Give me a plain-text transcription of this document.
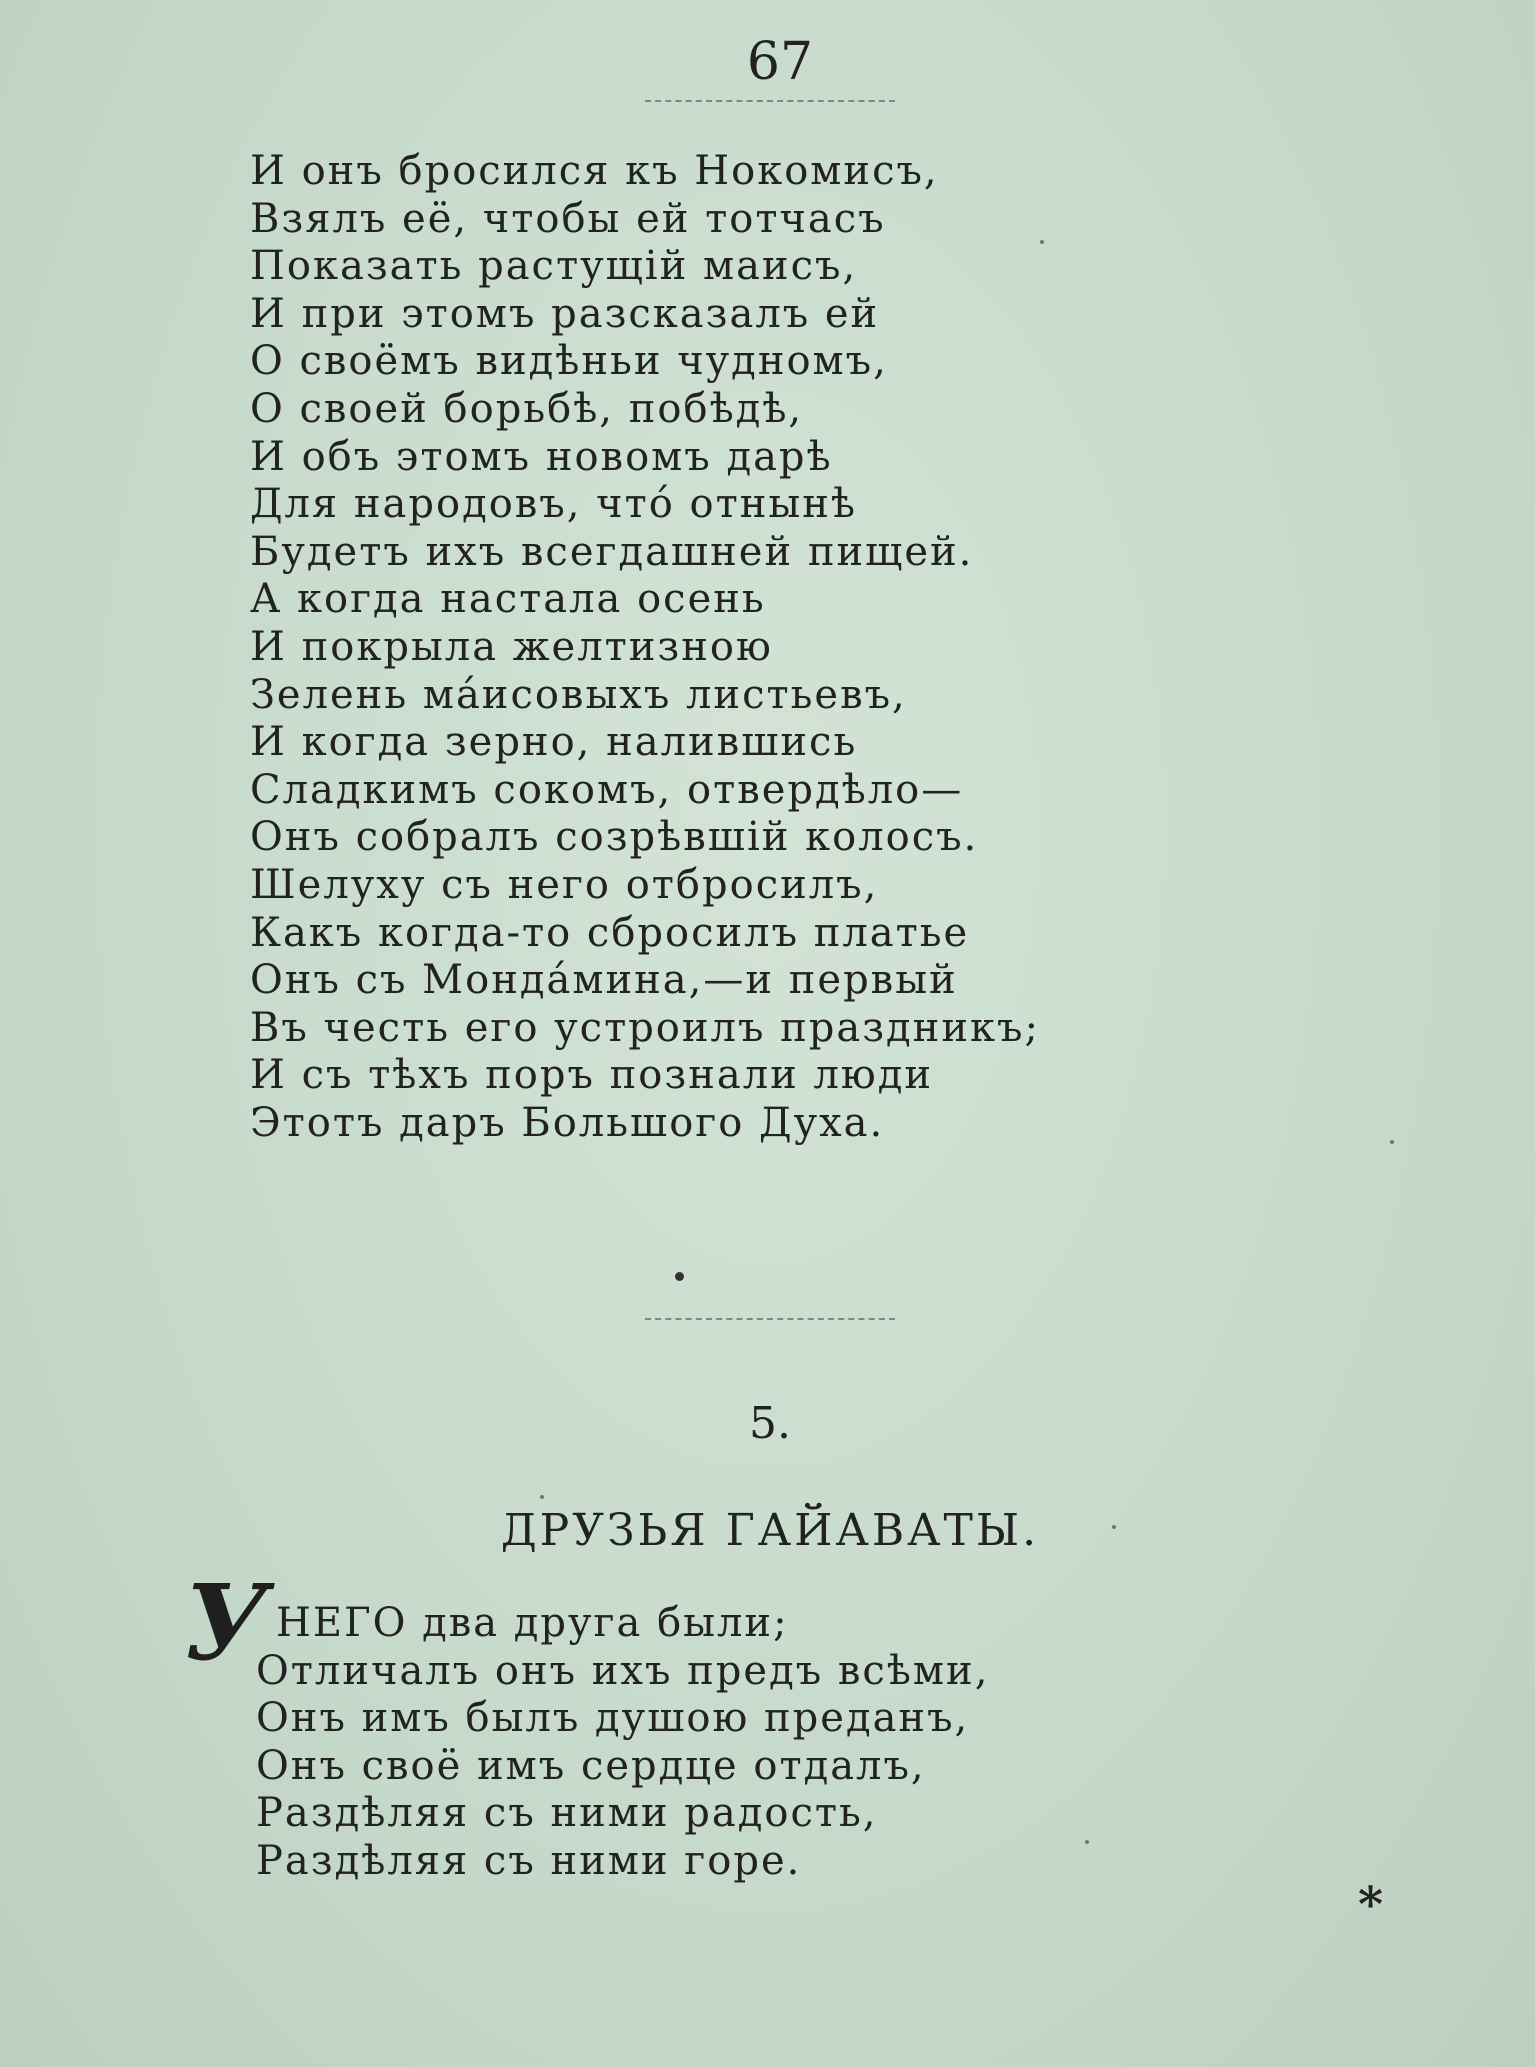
67
И онъ бросился къ Нокомисъ,
Взялъ её, чтобы ей тотчасъ
Показать растущій маисъ,
И при этомъ разсказалъ ей
О своёмъ видѣньи чудномъ,
О своей борьбѣ, побѣдѣ,
И объ этомъ новомъ дарѣ
Для народовъ, что́ отнынѣ
Будетъ ихъ всегдашней пищей.
А когда настала осень
И покрыла желтизною
Зелень ма́исовыхъ листьевъ,
И когда зерно, налившись
Сладкимъ сокомъ, отвердѣло—
Онъ собралъ созрѣвшій колосъ.
Шелуху съ него отбросилъ,
Какъ когда-то сбросилъ платье
Онъ съ Монда́мина,—и первый
Въ честь его устроилъ праздникъ;
И съ тѣхъ поръ познали люди
Этотъ даръ Большого Духа.
5.
ДРУЗЬЯ ГАЙАВАТЫ.
У НЕГО два друга были;
Отличалъ онъ ихъ предъ всѣми,
Онъ имъ былъ душою преданъ,
Онъ своё имъ сердце отдалъ,
Раздѣляя съ ними радость,
Раздѣляя съ ними горе.
*
